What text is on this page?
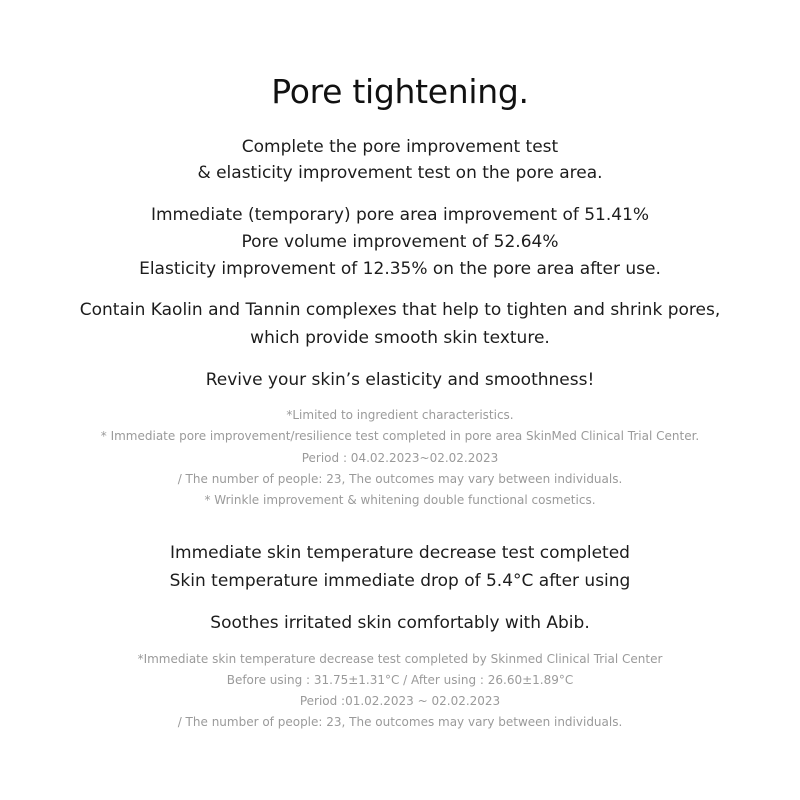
Pore tightening.
Complete the pore improvement test
& elasticity improvement test on the pore area.
Immediate (temporary) pore area improvement of 51.41%
Pore volume improvement of 52.64%
Elasticity improvement of 12.35% on the pore area after use.
Contain Kaolin and Tannin complexes that help to tighten and shrink pores,
which provide smooth skin texture.
Revive your skin’s elasticity and smoothness!
*Limited to ingredient characteristics.
* Immediate pore improvement/resilience test completed in pore area SkinMed Clinical Trial Center.
Period : 04.02.2023~02.02.2023
/ The number of people: 23, The outcomes may vary between individuals.
* Wrinkle improvement & whitening double functional cosmetics.
Immediate skin temperature decrease test completed
Skin temperature immediate drop of 5.4°C after using
Soothes irritated skin comfortably with Abib.
*Immediate skin temperature decrease test completed by Skinmed Clinical Trial Center
Before using : 31.75±1.31°C / After using : 26.60±1.89°C
Period :01.02.2023 ~ 02.02.2023
/ The number of people: 23, The outcomes may vary between individuals.
